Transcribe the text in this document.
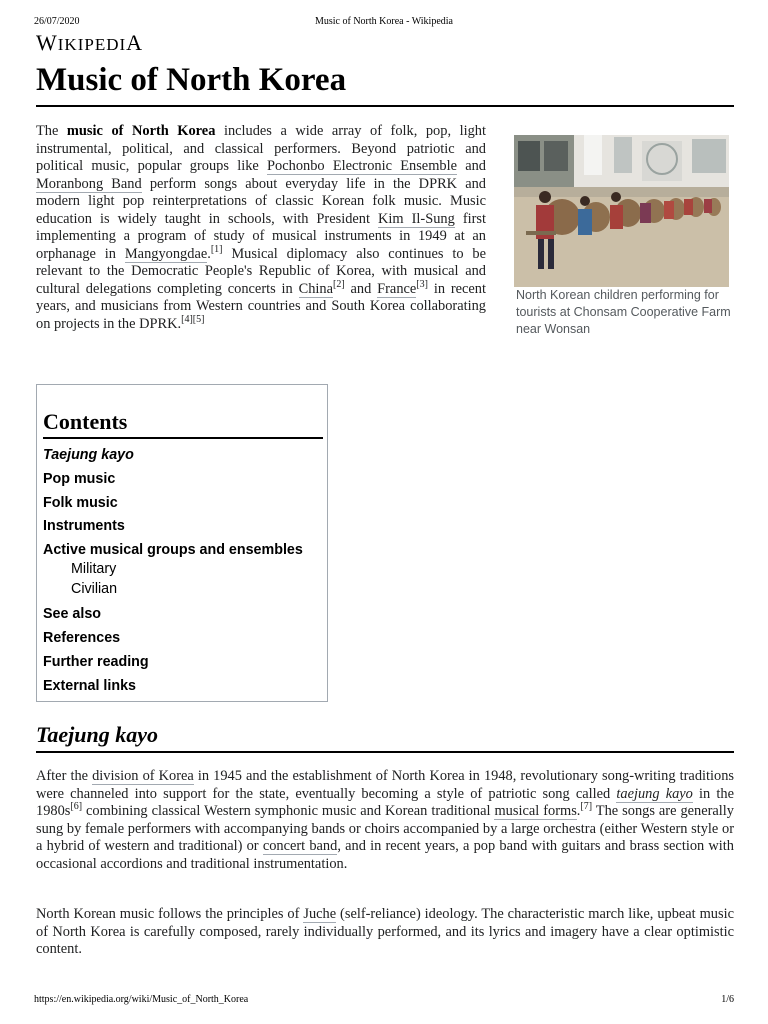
26/07/2020	Music of North Korea - Wikipedia
WIKIPEDIA
Music of North Korea
The music of North Korea includes a wide array of folk, pop, light instrumental, political, and classical performers. Beyond patriotic and political music, popular groups like Pochonbo Electronic Ensemble and Moranbong Band perform songs about everyday life in the DPRK and modern light pop reinterpretations of classic Korean folk music. Music education is widely taught in schools, with President Kim Il-Sung first implementing a program of study of musical instruments in 1949 at an orphanage in Mangyongdae.[1] Musical diplomacy also continues to be relevant to the Democratic People's Republic of Korea, with musical and cultural delegations completing concerts in China[2] and France[3] in recent years, and musicians from Western countries and South Korea collaborating on projects in the DPRK.[4][5]
North Korean children performing for tourists at Chonsam Cooperative Farm near Wonsan
Contents
Taejung kayo
Pop music
Folk music
Instruments
Active musical groups and ensembles
Military
Civilian
See also
References
Further reading
External links
Taejung kayo
After the division of Korea in 1945 and the establishment of North Korea in 1948, revolutionary song-writing traditions were channeled into support for the state, eventually becoming a style of patriotic song called taejung kayo in the 1980s[6] combining classical Western symphonic music and Korean traditional musical forms.[7] The songs are generally sung by female performers with accompanying bands or choirs accompanied by a large orchestra (either Western style or a hybrid of western and traditional) or concert band, and in recent years, a pop band with guitars and brass section with occasional accordions and traditional instrumentation.
North Korean music follows the principles of Juche (self-reliance) ideology. The characteristic march like, upbeat music of North Korea is carefully composed, rarely individually performed, and its lyrics and imagery have a clear optimistic content.
https://en.wikipedia.org/wiki/Music_of_North_Korea	1/6
